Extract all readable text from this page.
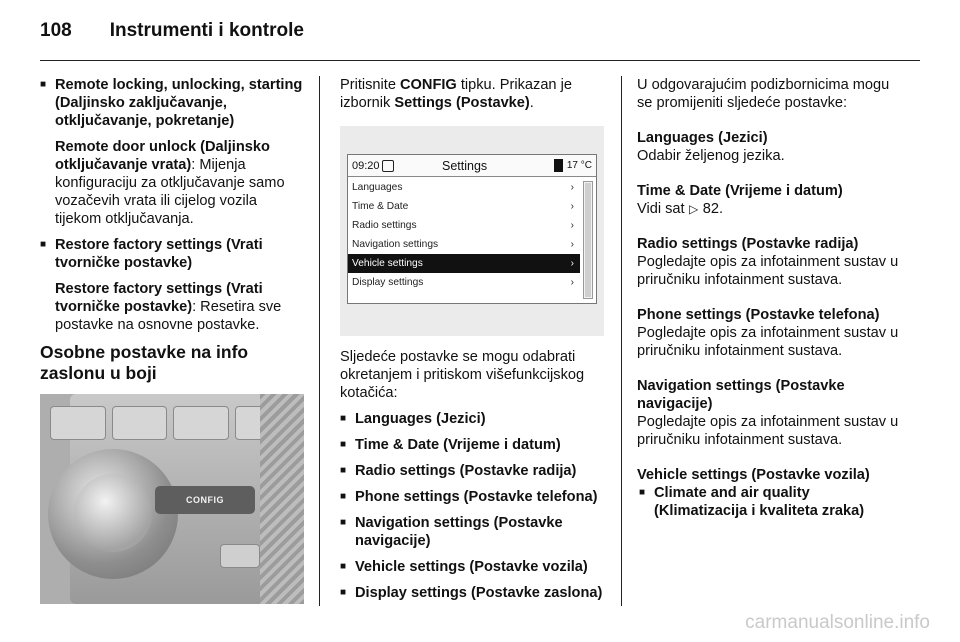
108 Instrumenti i kontrole
■ Remote locking, unlocking, starting (Daljinsko zaključavanje, otključavanje, pokretanje)
Remote door unlock (Daljinsko otključavanje vrata): Mijenja konfiguraciju za otključavanje samo vozačevih vrata ili cijelog vozila tijekom otključavanja.
■ Restore factory settings (Vrati tvorničke postavke)
Restore factory settings (Vrati tvorničke postavke): Resetira sve postavke na osnovne postavke.
Osobne postavke na info zaslonu u boji
CONFIG
Pritisnite CONFIG tipku. Prikazan je izbornik Settings (Postavke).
09:20	Settings	17 °C
Languages	›
Time & Date	›
Radio settings	›
Navigation settings	›
Vehicle settings	›
Display settings	›
Sljedeće postavke se mogu odabrati okretanjem i pritiskom višefunkcijskog kotačića:
■ Languages (Jezici)
■ Time & Date (Vrijeme i datum)
■ Radio settings (Postavke radija)
■ Phone settings (Postavke telefona)
■ Navigation settings (Postavke navigacije)
■ Vehicle settings (Postavke vozila)
■ Display settings (Postavke zaslona)
U odgovarajućim podizbornicima mogu se promijeniti sljedeće postavke:
Languages (Jezici)
Odabir željenog jezika.
Time & Date (Vrijeme i datum)
Vidi sat ▷ 82.
Radio settings (Postavke radija)
Pogledajte opis za infotainment sustav u priručniku infotainment sustava.
Phone settings (Postavke telefona)
Pogledajte opis za infotainment sustav u priručniku infotainment sustava.
Navigation settings (Postavke navigacije)
Pogledajte opis za infotainment sustav u priručniku infotainment sustava.
Vehicle settings (Postavke vozila)
■ Climate and air quality (Klimatizacija i kvaliteta zraka)
carmanualsonline.info
